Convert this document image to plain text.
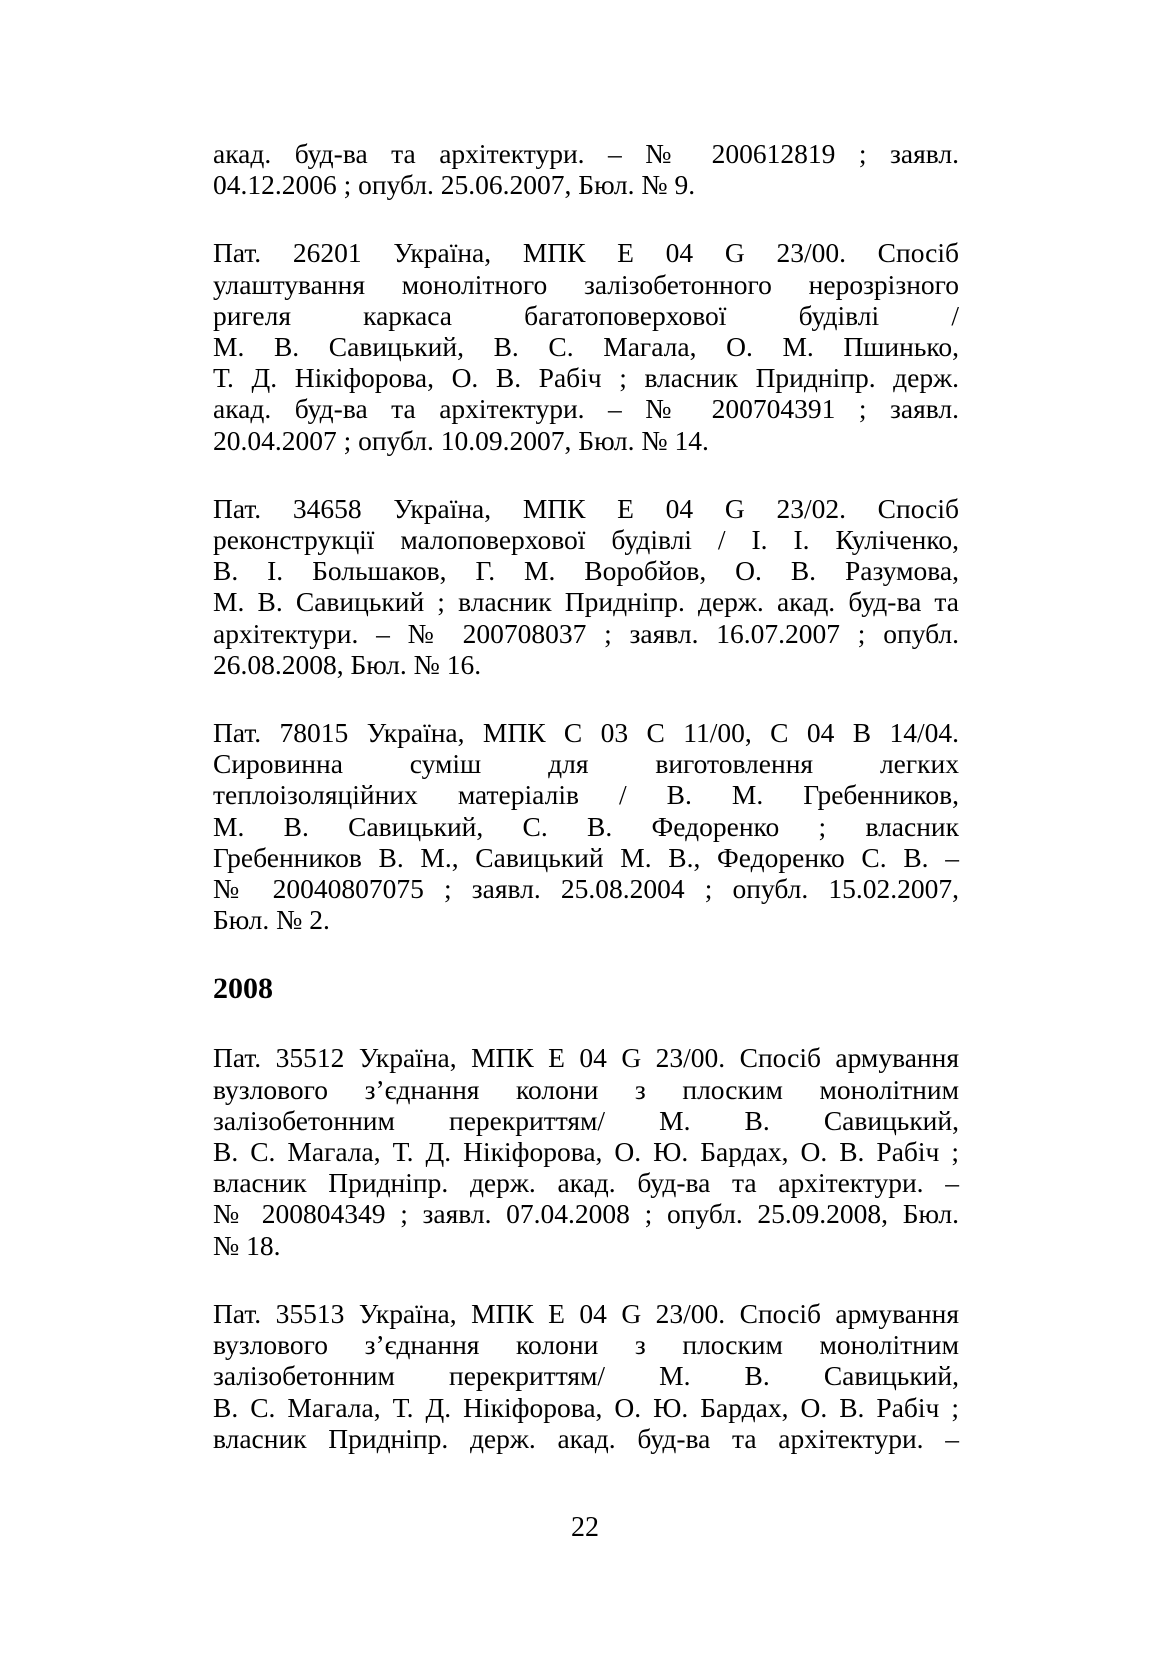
акад. буд-ва та архітектури. – № 200612819 ; заявл.
04.12.2006 ; опубл. 25.06.2007, Бюл. № 9.
Пат. 26201 Україна, МПК E 04 G 23/00. Спосіб
улаштування монолітного залізобетонного нерозрізного
ригеля каркаса багатоповерхової будівлі /
М. В. Савицький, В. С. Магала, О. М. Пшинько,
Т. Д. Нікіфорова, О. В. Рабіч ; власник Придніпр. держ.
акад. буд-ва та архітектури. – № 200704391 ; заявл.
20.04.2007 ; опубл. 10.09.2007, Бюл. № 14.
Пат. 34658 Україна, МПК E 04 G 23/02. Спосіб
реконструкції малоповерхової будівлі / І. І. Куліченко,
В. І. Большаков, Г. М. Воробйов, О. В. Разумова,
М. В. Савицький ; власник Придніпр. держ. акад. буд-ва та
архітектури. – № 200708037 ; заявл. 16.07.2007 ; опубл.
26.08.2008, Бюл. № 16.
Пат. 78015 Україна, МПК C 03 C 11/00, C 04 B 14/04.
Сировинна суміш для виготовлення легких
теплоізоляційних матеріалів / В. М. Гребенников,
М. В. Савицький, С. В. Федоренко ; власник
Гребенников В. М., Савицький М. В., Федоренко С. В. –
№ 20040807075 ; заявл. 25.08.2004 ; опубл. 15.02.2007,
Бюл. № 2.
2008
Пат. 35512 Україна, МПК E 04 G 23/00. Спосіб армування
вузлового з’єднання колони з плоским монолітним
залізобетонним перекриттям/ М. В. Савицький,
В. С. Магала, Т. Д. Нікіфорова, О. Ю. Бардах, О. В. Рабіч ;
власник Придніпр. держ. акад. буд-ва та архітектури. –
№ 200804349 ; заявл. 07.04.2008 ; опубл. 25.09.2008, Бюл.
№ 18.
Пат. 35513 Україна, МПК E 04 G 23/00. Спосіб армування
вузлового з’єднання колони з плоским монолітним
залізобетонним перекриттям/ М. В. Савицький,
В. С. Магала, Т. Д. Нікіфорова, О. Ю. Бардах, О. В. Рабіч ;
власник Придніпр. держ. акад. буд-ва та архітектури. –
22
